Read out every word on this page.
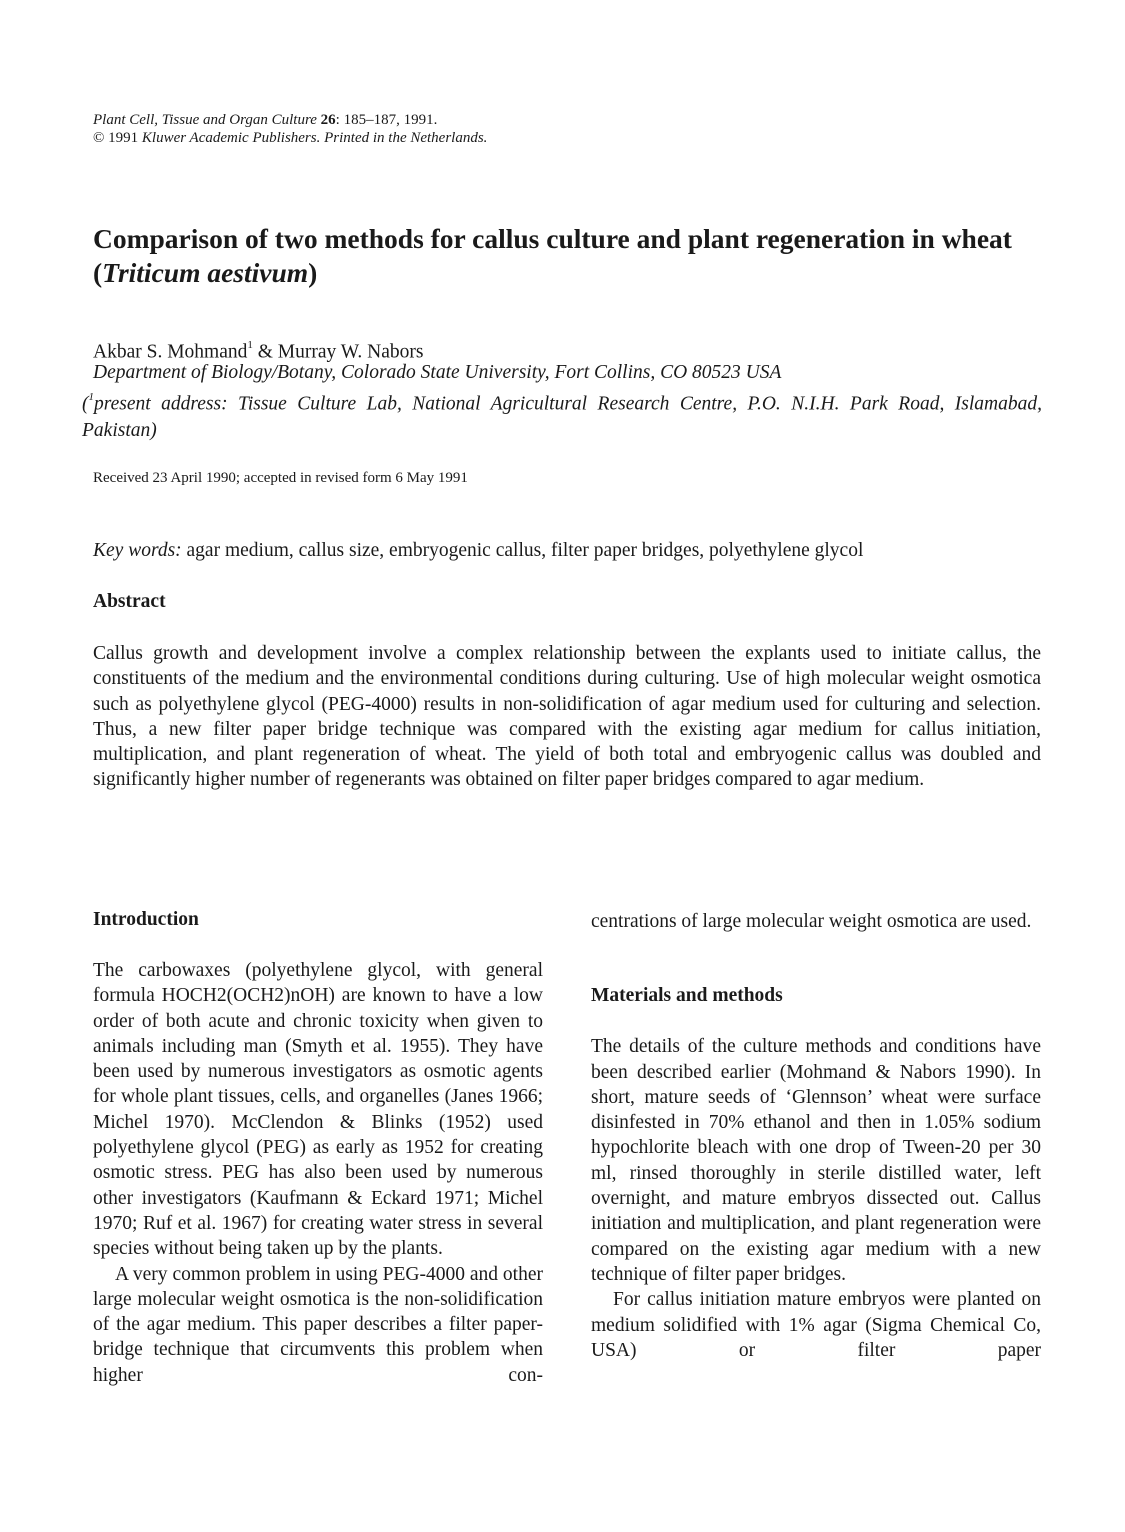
Plant Cell, Tissue and Organ Culture 26: 185–187, 1991.
© 1991 Kluwer Academic Publishers. Printed in the Netherlands.
Comparison of two methods for callus culture and plant regeneration in wheat (Triticum aestivum)
Akbar S. Mohmand$^1$ & Murray W. Nabors
Department of Biology/Botany, Colorado State University, Fort Collins, CO 80523 USA
($^1$present address: Tissue Culture Lab, National Agricultural Research Centre, P.O. N.I.H. Park Road, Islamabad, Pakistan)
Received 23 April 1990; accepted in revised form 6 May 1991
Key words: agar medium, callus size, embryogenic callus, filter paper bridges, polyethylene glycol
Abstract
Callus growth and development involve a complex relationship between the explants used to initiate callus, the constituents of the medium and the environmental conditions during culturing. Use of high molecular weight osmotica such as polyethylene glycol (PEG-4000) results in non-solidification of agar medium used for culturing and selection. Thus, a new filter paper bridge technique was compared with the existing agar medium for callus initiation, multiplication, and plant regeneration of wheat. The yield of both total and embryogenic callus was doubled and significantly higher number of regenerants was obtained on filter paper bridges compared to agar medium.
Introduction

The carbowaxes (polyethylene glycol, with general formula HOCH2(OCH2)nOH) are known to have a low order of both acute and chronic toxicity when given to animals including man (Smyth et al. 1955). They have been used by numerous investigators as osmotic agents for whole plant tissues, cells, and organelles (Janes 1966; Michel 1970). McClendon & Blinks (1952) used polyethylene glycol (PEG) as early as 1952 for creating osmotic stress. PEG has also been used by numerous other investigators (Kaufmann & Eckard 1971; Michel 1970; Ruf et al. 1967) for creating water stress in several species without being taken up by the plants.

A very common problem in using PEG-4000 and other large molecular weight osmotica is the non-solidification of the agar medium. This paper describes a filter paper-bridge technique that circumvents this problem when higher con-

centrations of large molecular weight osmotica are used.

Materials and methods

The details of the culture methods and conditions have been described earlier (Mohmand & Nabors 1990). In short, mature seeds of ‘Glennson’ wheat were surface disinfested in 70% ethanol and then in 1.05% sodium hypochlorite bleach with one drop of Tween-20 per 30 ml, rinsed thoroughly in sterile distilled water, left overnight, and mature embryos dissected out. Callus initiation and multiplication, and plant regeneration were compared on the existing agar medium with a new technique of filter paper bridges.

For callus initiation mature embryos were planted on medium solidified with 1% agar (Sigma Chemical Co, USA) or filter paper
